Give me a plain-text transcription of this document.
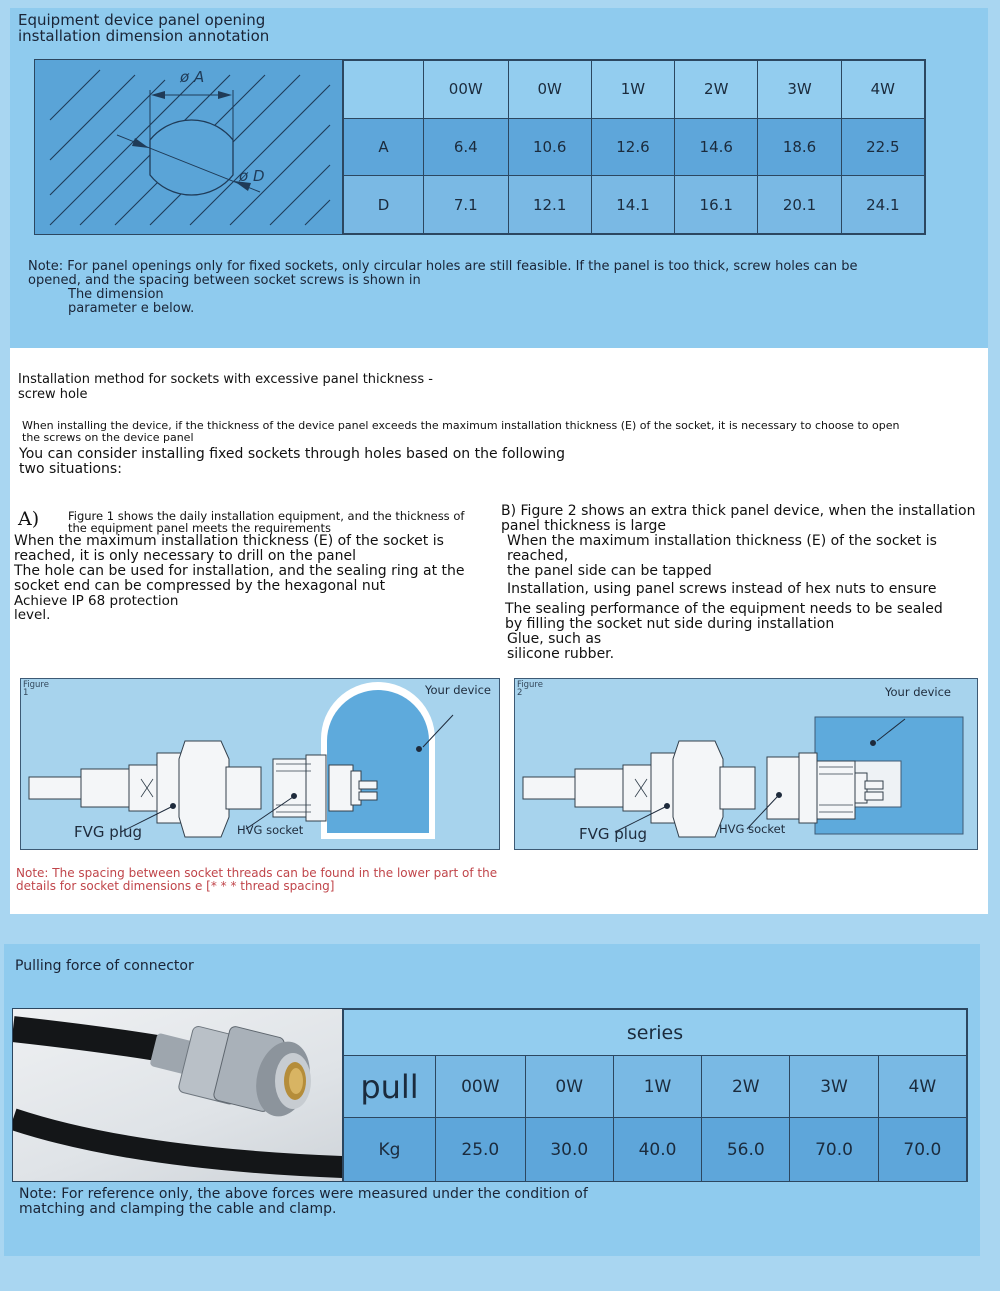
Equipment device panel opening
installation dimension annotation
ø A
ø D
	00W	0W	1W	2W	3W	4W
A	6.4	10.6	12.6	14.6	18.6	22.5
D	7.1	12.1	14.1	16.1	20.1	24.1
Note: For panel openings only for fixed sockets, only circular holes are still feasible. If the panel is too thick, screw holes can be
opened, and the spacing between socket screws is shown in
The dimension
parameter e below.
Installation method for sockets with excessive panel thickness -
screw hole
When installing the device, if the thickness of the device panel exceeds the maximum installation thickness (E) of the socket, it is necessary to choose to open
the screws on the device panel
You can consider installing fixed sockets through holes based on the following
two situations:
A)	Figure 1 shows the daily installation equipment, and the thickness of
the equipment panel meets the requirements
When the maximum installation thickness (E) of the socket is
reached, it is only necessary to drill on the panel
The hole can be used for installation, and the sealing ring at the
socket end can be compressed by the hexagonal nut
Achieve IP 68 protection
level.

B) Figure 2 shows an extra thick panel device, when the installation

panel thickness is large

When the maximum installation thickness (E) of the socket is reached,

the panel side can be tapped

Installation, using panel screws instead of hex nuts to ensure

The sealing performance of the equipment needs to be sealed

by filling the socket nut side during installation

Glue, such as

silicone rubber.

Figure
1
FVG plug	HVG socket
Your device	Figure
2
FVG plug	HVG socket
Your device
Note: The spacing between socket threads can be found in the lower part of the
details for socket dimensions e [* * * thread spacing]
Pulling force of connector
series						
pull	00W	0W	1W	2W	3W	4W
Kg	25.0	30.0	40.0	56.0	70.0	70.0
Note: For reference only, the above forces were measured under the condition of
matching and clamping the cable and clamp.
